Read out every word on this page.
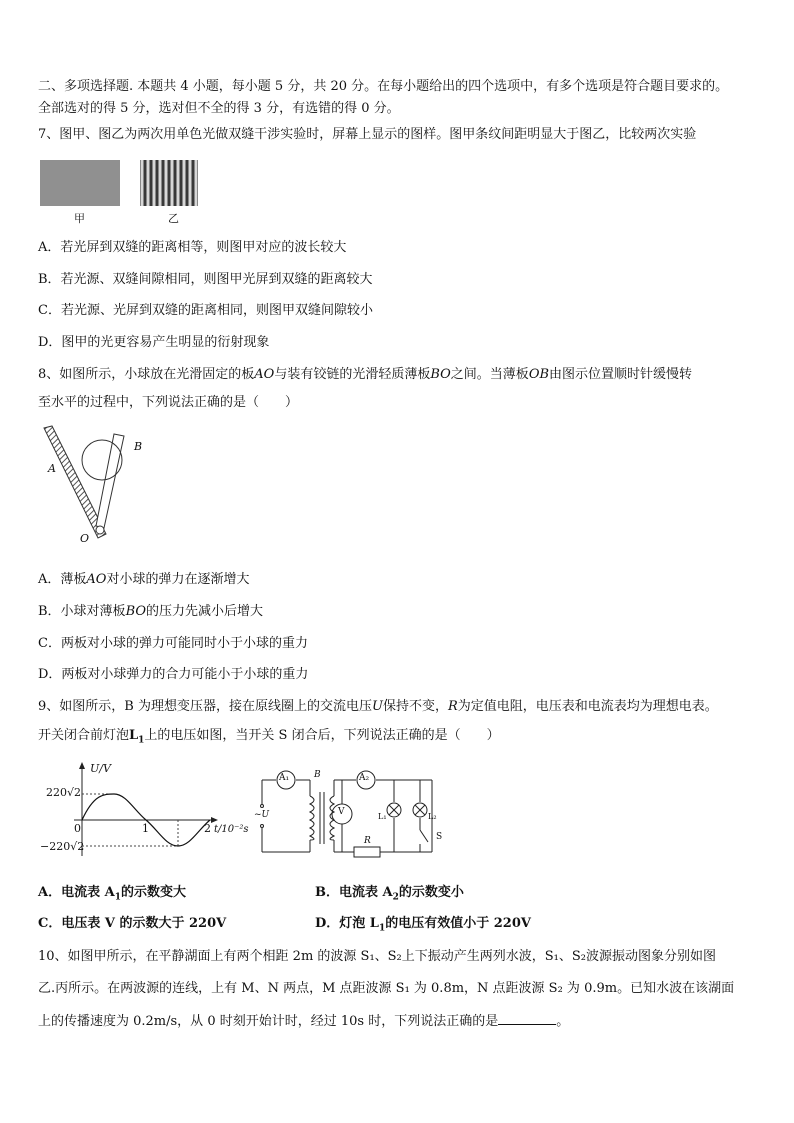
二、多项选择题. 本题共 4 小题，每小题 5 分，共 20 分。在每小题给出的四个选项中，有多个选项是符合题目要求的。
全部选对的得 5 分，选对但不全的得 3 分，有选错的得 0 分。
7、图甲、图乙为两次用单色光做双缝干涉实验时，屏幕上显示的图样。图甲条纹间距明显大于图乙，比较两次实验
甲	乙
A．若光屏到双缝的距离相等，则图甲对应的波长较大
B．若光源、双缝间隙相同，则图甲光屏到双缝的距离较大
C．若光源、光屏到双缝的距离相同，则图甲双缝间隙较小
D．图甲的光更容易产生明显的衍射现象
8、如图所示，小球放在光滑固定的板AO与装有铰链的光滑轻质薄板BO之间。当薄板OB由图示位置顺时针缓慢转
至水平的过程中，下列说法正确的是（　　）
A
B
O
A．薄板AO对小球的弹力在逐渐增大
B．小球对薄板BO的压力先减小后增大
C．两板对小球的弹力可能同时小于小球的重力
D．两板对小球弹力的合力可能小于小球的重力
9、如图所示，B 为理想变压器，接在原线圈上的交流电压U保持不变，R为定值电阻，电压表和电流表均为理想电表。
开关闭合前灯泡$L_1$上的电压如图，当开关 S 闭合后，下列说法正确的是（　　）
U/V
220√2
−220√2
0	1	2 t/10⁻²s
A₁	A₂
B
~U	V	L₁	L₂
R	S
A．电流表 $A_1$的示数变大	B．电流表 $A_2$的示数变小
C．电压表 V 的示数大于 220V	D．灯泡 $L_1$的电压有效值小于 220V
10、如图甲所示，在平静湖面上有两个相距 2m 的波源 S₁、S₂上下振动产生两列水波，S₁、S₂波源振动图象分别如图
乙.丙所示。在两波源的连线，上有 M、N 两点，M 点距波源 S₁ 为 0.8m，N 点距波源 S₂ 为 0.9m。已知水波在该湖面
上的传播速度为 0.2m/s，从 0 时刻开始计时，经过 10s 时，下列说法正确的是	。
